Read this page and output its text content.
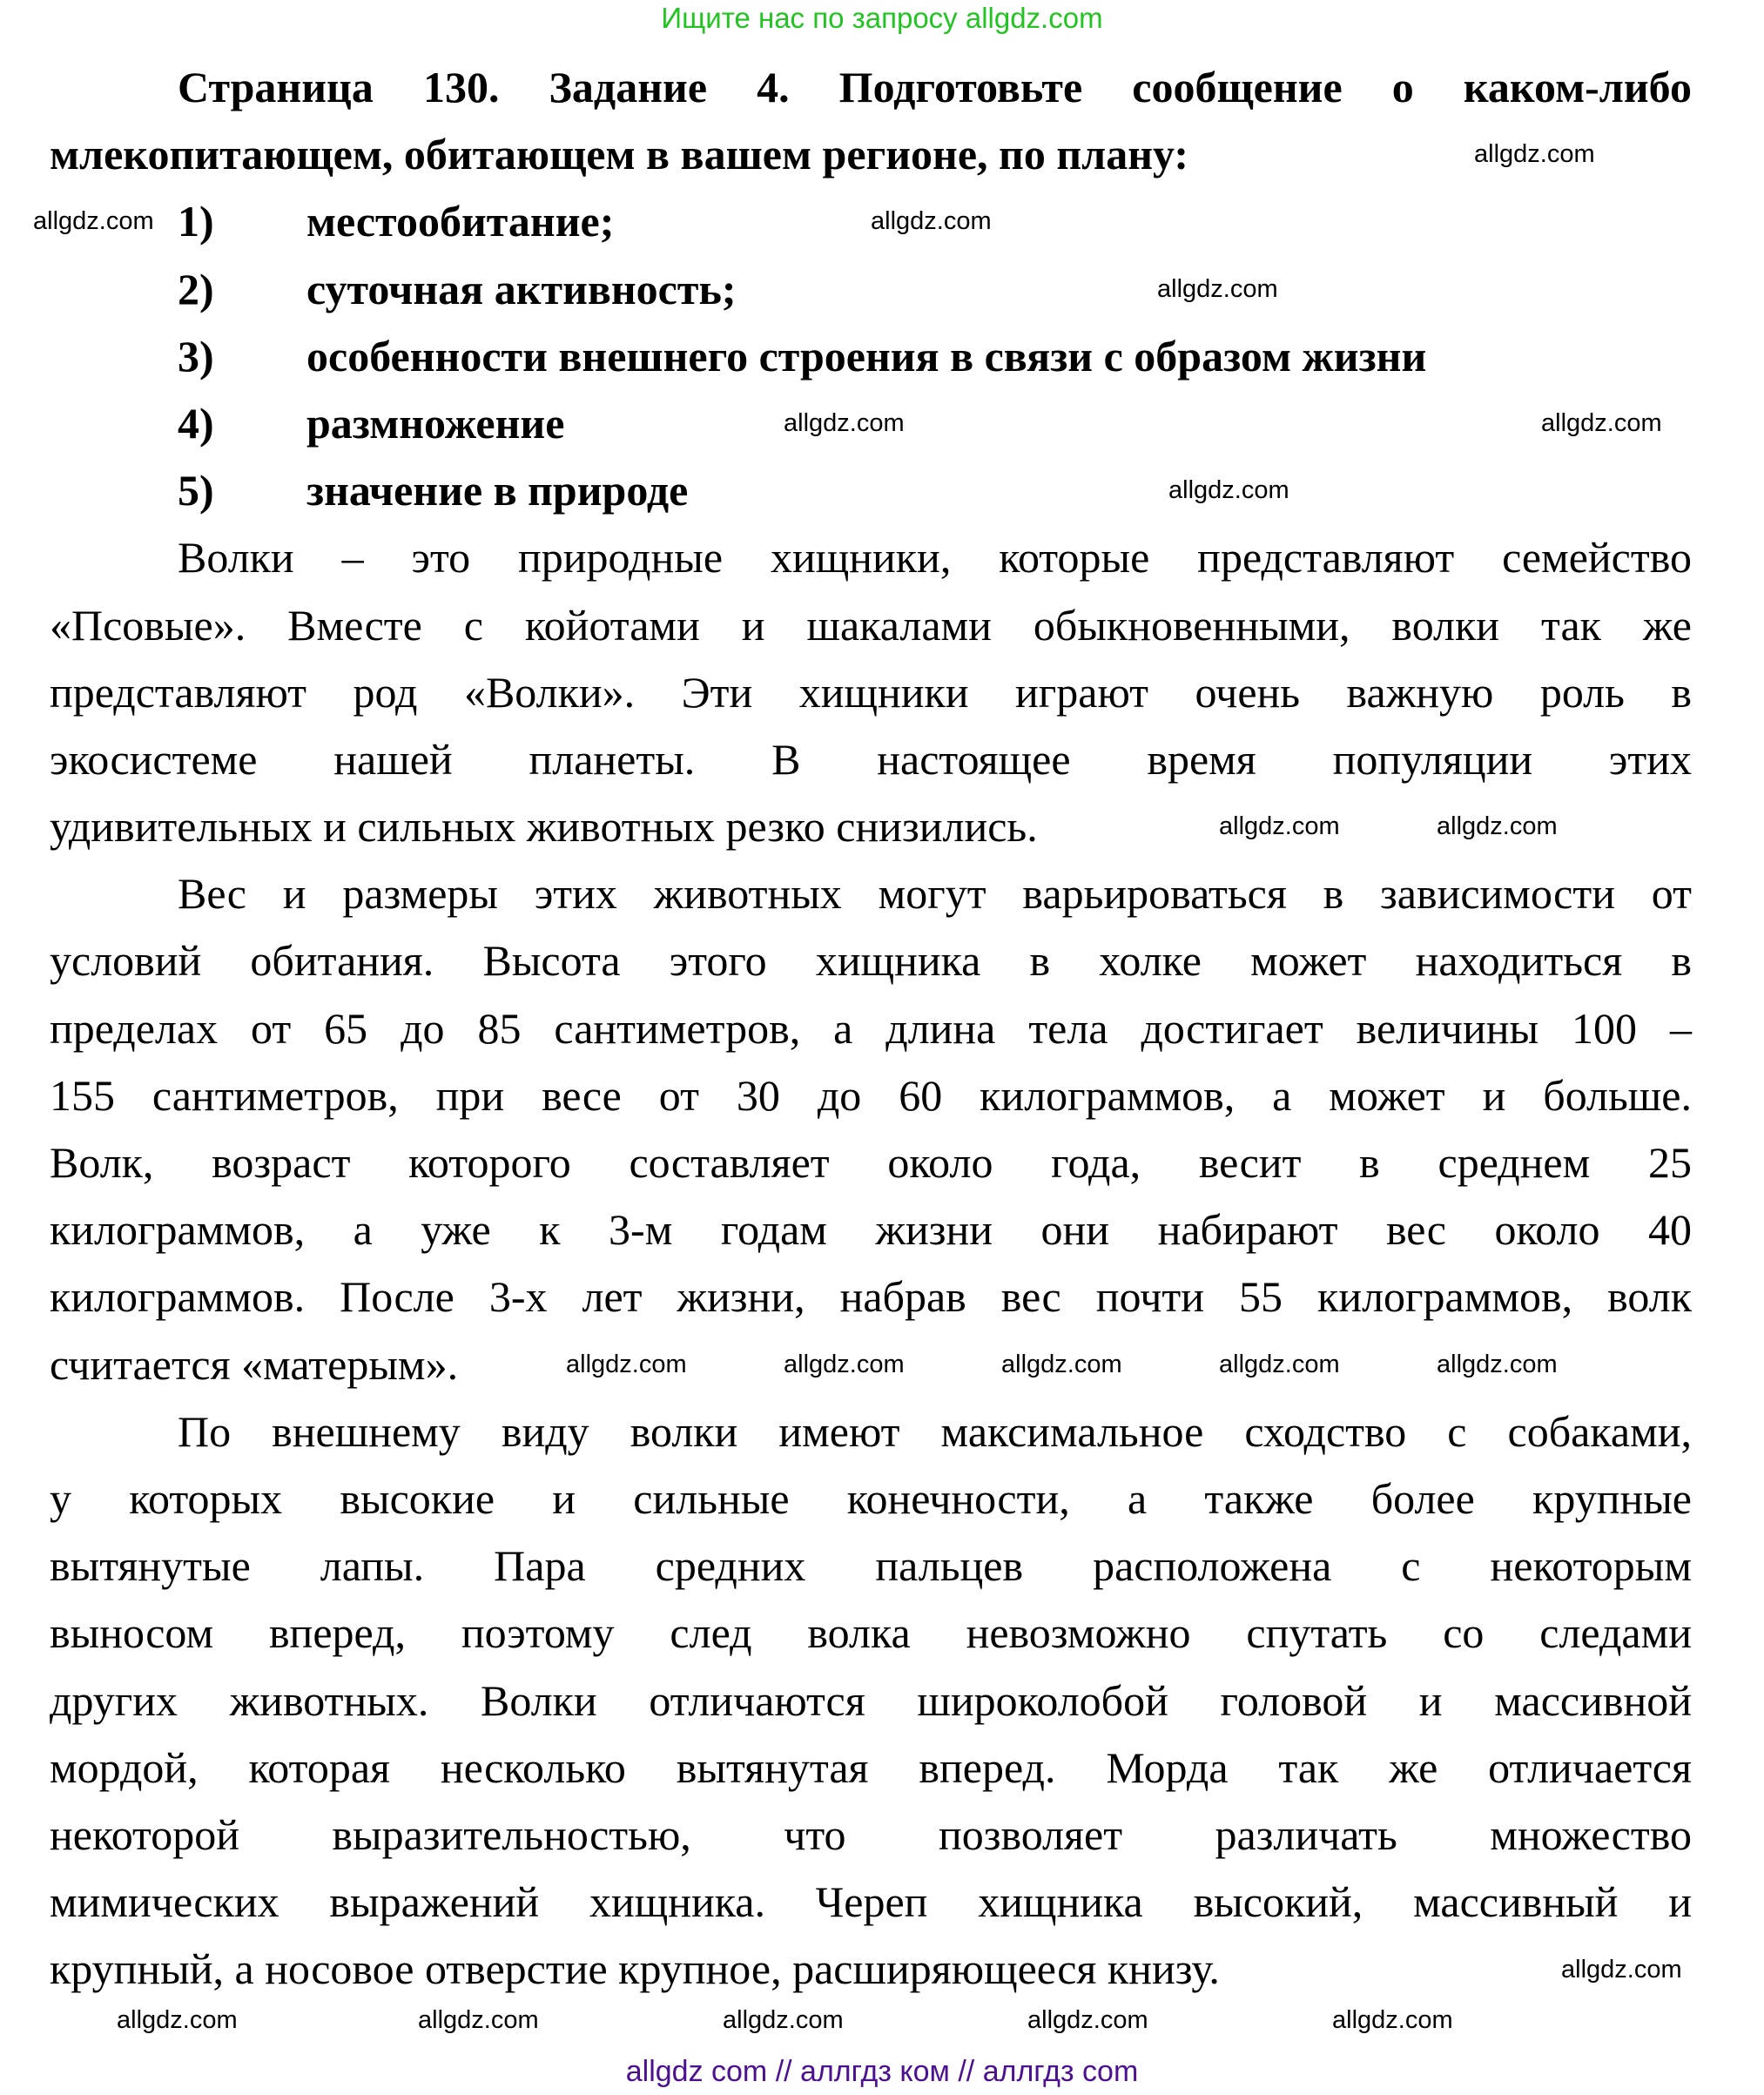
Ищите нас по запросу allgdz.com
Страница 130. Задание 4. Подготовьте сообщение о каком-либо
млекопитающем, обитающем в вашем регионе, по плану:
1)	местообитание;
2)	суточная активность;
3)	особенности внешнего строения в связи с образом жизни
4)	размножение
5)	значение в природе
Волки – это природные хищники, которые представляют семейство
«Псовые». Вместе с койотами и шакалами обыкновенными, волки так же
представляют род «Волки». Эти хищники играют очень важную роль в
экосистеме нашей планеты. В настоящее время популяции этих
удивительных и сильных животных резко снизились.
Вес и размеры этих животных могут варьироваться в зависимости от
условий обитания. Высота этого хищника в холке может находиться в
пределах от 65 до 85 сантиметров, а длина тела достигает величины 100 –
155 сантиметров, при весе от 30 до 60 килограммов, а может и больше.
Волк, возраст которого составляет около года, весит в среднем 25
килограммов, а уже к 3-м годам жизни они набирают вес около 40
килограммов. После 3-х лет жизни, набрав вес почти 55 килограммов, волк
считается «матерым».
По внешнему виду волки имеют максимальное сходство с собаками,
у которых высокие и сильные конечности, а также более крупные
вытянутые лапы. Пара средних пальцев расположена с некоторым
выносом вперед, поэтому след волка невозможно спутать со следами
других животных. Волки отличаются широколобой головой и массивной
мордой, которая несколько вытянутая вперед. Морда так же отличается
некоторой выразительностью, что позволяет различать множество
мимических выражений хищника. Череп хищника высокий, массивный и
крупный, а носовое отверстие крупное, расширяющееся книзу.
allgdz.com
allgdz.com	allgdz.com
allgdz.com
allgdz.com
allgdz.com
allgdz.com
allgdz.com	allgdz.com
allgdz.com	allgdz.com	allgdz.com	allgdz.com	allgdz.com
allgdz.com	allgdz.com	allgdz.com	allgdz.com
allgdz.com
allgdz.com
allgdz com // аллгдз ком // аллгдз com
